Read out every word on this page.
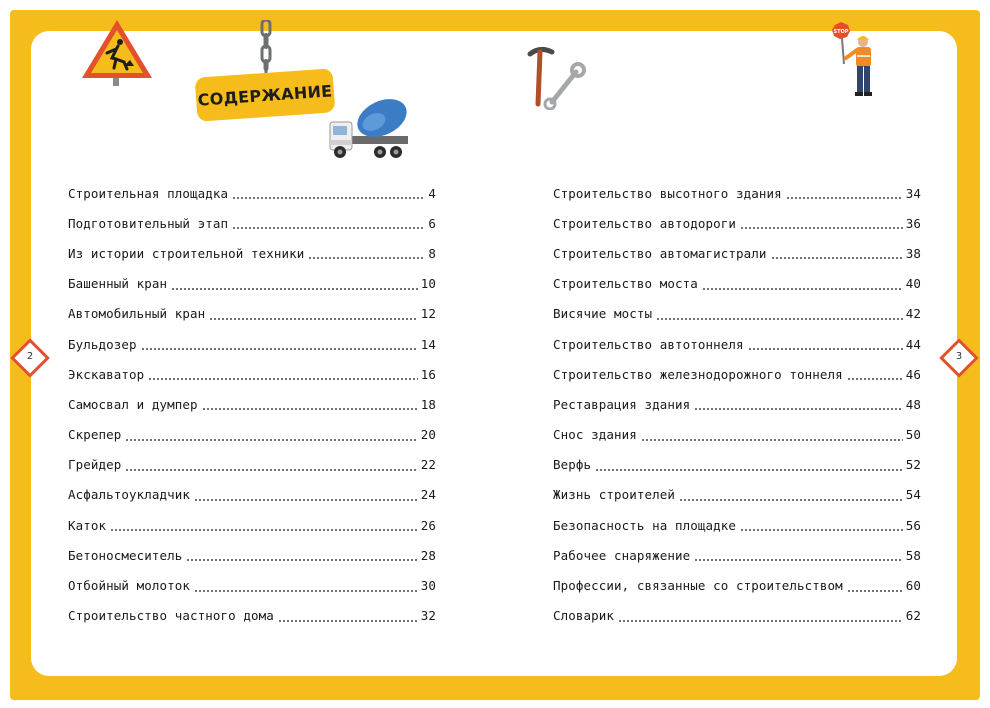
СОДЕРЖАНИЕ
STOP
2	3
Строительная площадка	4
Подготовительный этап	6
Из истории строительной техники	8
Башенный кран	10
Автомобильный кран	12
Бульдозер	14
Экскаватор	16
Самосвал и думпер	18
Скрепер	20
Грейдер	22
Асфальтоукладчик	24
Каток	26
Бетоносмеситель	28
Отбойный молоток	30
Строительство частного дома	32
Строительство высотного здания	34
Строительство автодороги	36
Строительство автомагистрали	38
Строительство моста	40
Висячие мосты	42
Строительство автотоннеля	44
Строительство железнодорожного тоннеля	46
Реставрация здания	48
Снос здания	50
Верфь	52
Жизнь строителей	54
Безопасность на площадке	56
Рабочее снаряжение	58
Профессии, связанные со строительством	60
Словарик	62
